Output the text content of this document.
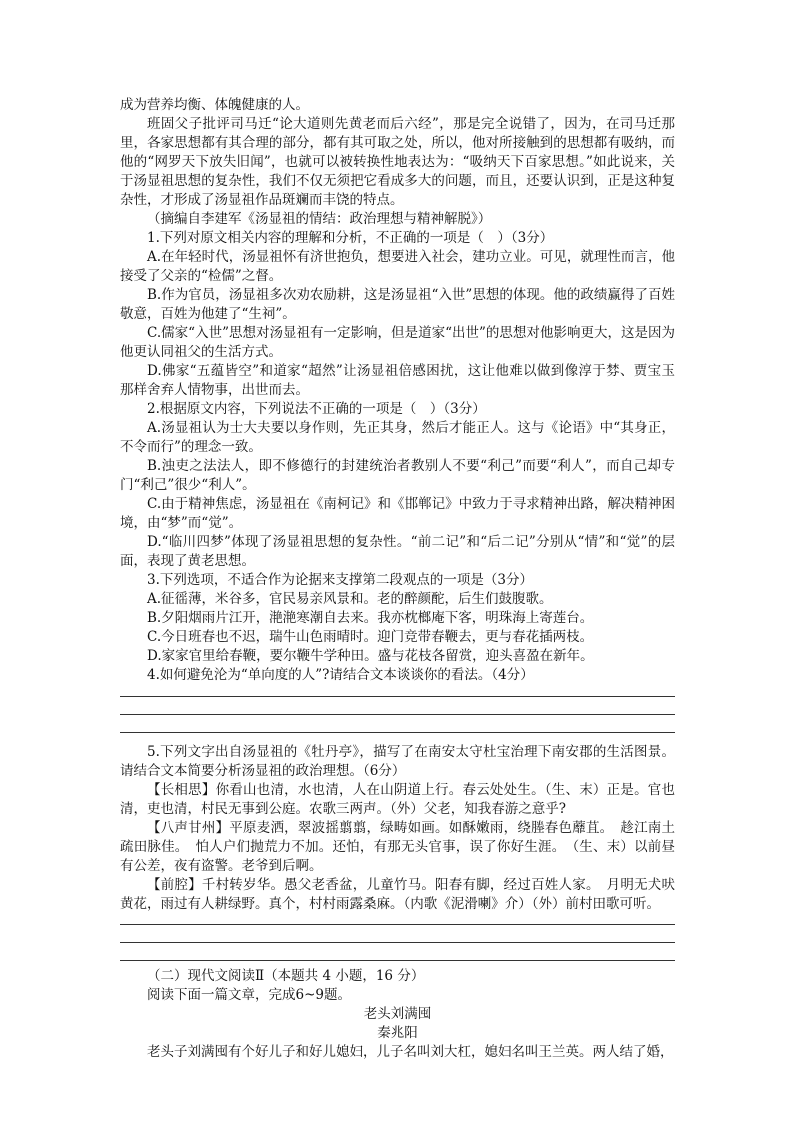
成为营养均衡、体魄健康的人。

班固父子批评司马迁“论大道则先黄老而后六经”，那是完全说错了，因为，在司马迁那里，各家思想都有其合理的部分，都有其可取之处，所以，他对所接触到的思想都有吸纳，而他的“网罗天下放失旧闻”，也就可以被转换性地表达为：“吸纳天下百家思想。”如此说来，关于汤显祖思想的复杂性，我们不仅无须把它看成多大的问题，而且，还要认识到，正是这种复杂性，才形成了汤显祖作品斑斓而丰饶的特点。

（摘编自李建军《汤显祖的情结：政治理想与精神解脱》）

1.下列对原文相关内容的理解和分析，不正确的一项是（　）（3分）

A.在年轻时代，汤显祖怀有济世抱负，想要进入社会，建功立业。可见，就理性而言，他接受了父亲的“检儒”之督。

B.作为官员，汤显祖多次劝农励耕，这是汤显祖“入世”思想的体现。他的政绩赢得了百姓敬意，百姓为他建了“生祠”。

C.儒家“入世”思想对汤显祖有一定影响，但是道家“出世”的思想对他影响更大，这是因为他更认同祖父的生活方式。

D.佛家“五蕴皆空”和道家“超然”让汤显祖倍感困扰，这让他难以做到像淳于棼、贾宝玉那样舍弃人情物事，出世而去。

2.根据原文内容，下列说法不正确的一项是（　）（3分）

A.汤显祖认为士大夫要以身作则，先正其身，然后才能正人。这与《论语》中“其身正，不令而行”的理念一致。

B.浊吏之法法人，即不修德行的封建统治者教别人不要“利己”而要“利人”，而自己却专门“利己”很少“利人”。

C.由于精神焦虑，汤显祖在《南柯记》和《邯郸记》中致力于寻求精神出路，解决精神困境，由“梦”而“觉”。

D.“临川四梦”体现了汤显祖思想的复杂性。“前二记”和“后二记”分别从“情”和“觉”的层面，表现了黄老思想。

3.下列选项，不适合作为论据来支撑第二段观点的一项是（3分）

A.征徭薄，米谷多，官民易亲风景和。老的醉颜酡，后生们鼓腹歌。

B.夕阳烟雨片江开，滟滟寒潮自去来。我亦枕榔庵下客，明珠海上寄莲台。

C.今日班春也不迟，瑞牛山色雨晴时。迎门竞带春鞭去，更与春花插两枝。

D.家家官里给春鞭，要尔鞭牛学种田。盛与花枝各留赏，迎头喜盈在新年。

4.如何避免沦为“单向度的人”?请结合文本谈谈你的看法。（4分）

5.下列文字出自汤显祖的《牡丹亭》，描写了在南安太守杜宝治理下南安郡的生活图景。请结合文本简要分析汤显祖的政治理想。（6分）

【长相思】你看山也清，水也清，人在山阴道上行。春云处处生。（生、末）正是。官也清，吏也清，村民无事到公庭。农歌三两声。（外）父老，知我春游之意乎?

【八声甘州】平原麦洒，翠波摇翦翦，绿畴如画。如酥嫩雨，绕塍春色蘼苴。　趁江南土疏田脉佳。　怕人户们抛荒力不加。还怕，有那无头官事，误了你好生涯。　（生、末）以前昼有公差，夜有盗警。老爷到后啊。

【前腔】千村转岁华。愚父老香盆，儿童竹马。阳春有脚，经过百姓人家。　月明无犬吠黄花，雨过有人耕绿野。真个，村村雨露桑麻。（内歌《泥滑喇》介）（外）前村田歌可听。

（二）现代文阅读Ⅱ（本题共 4 小题，16 分）

阅读下面一篇文章，完成6~9题。

老头刘满囤

秦兆阳

老头子刘满囤有个好儿子和好儿媳妇，儿子名叫刘大杠，媳妇名叫王兰英。两人结了婚，
